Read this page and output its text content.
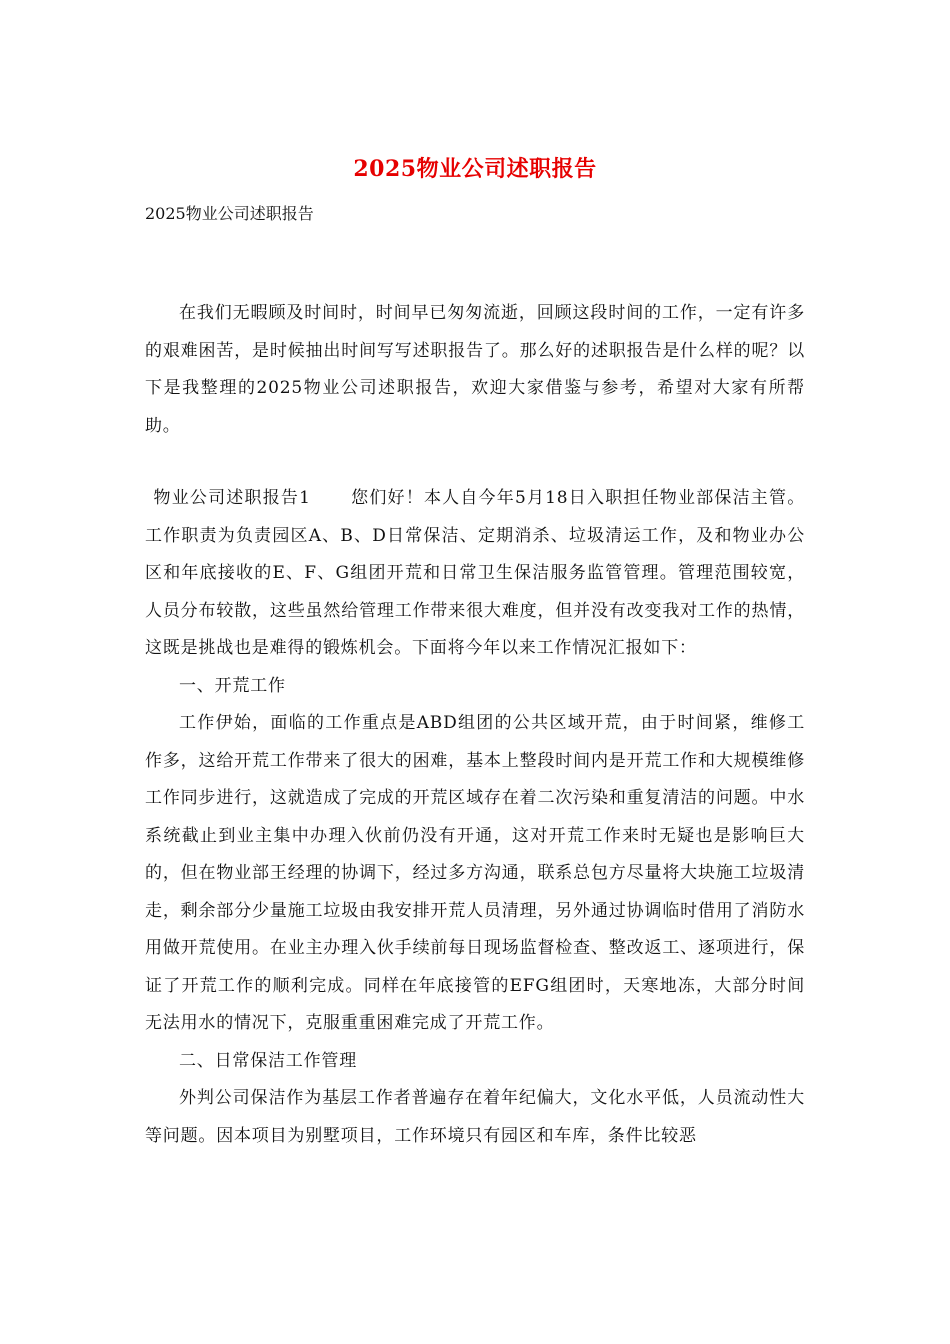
2025物业公司述职报告
2025物业公司述职报告

在我们无暇顾及时间时，时间早已匆匆流逝，回顾这段时间的工作，一定有许多的艰难困苦，是时候抽出时间写写述职报告了。那么好的述职报告是什么样的呢？以下是我整理的2025物业公司述职报告，欢迎大家借鉴与参考，希望对大家有所帮助。

物业公司述职报告1 您们好！本人自今年5月18日入职担任物业部保洁主管。工作职责为负责园区A、B、D日常保洁、定期消杀、垃圾清运工作，及和物业办公区和年底接收的E、F、G组团开荒和日常卫生保洁服务监管管理。管理范围较宽，人员分布较散，这些虽然给管理工作带来很大难度，但并没有改变我对工作的热情，这既是挑战也是难得的锻炼机会。下面将今年以来工作情况汇报如下：

一、开荒工作

工作伊始，面临的工作重点是ABD组团的公共区域开荒，由于时间紧，维修工作多，这给开荒工作带来了很大的困难，基本上整段时间内是开荒工作和大规模维修工作同步进行，这就造成了完成的开荒区域存在着二次污染和重复清洁的问题。中水系统截止到业主集中办理入伙前仍没有开通，这对开荒工作来时无疑也是影响巨大的，但在物业部王经理的协调下，经过多方沟通，联系总包方尽量将大块施工垃圾清走，剩余部分少量施工垃圾由我安排开荒人员清理，另外通过协调临时借用了消防水用做开荒使用。在业主办理入伙手续前每日现场监督检查、整改返工、逐项进行，保证了开荒工作的顺利完成。同样在年底接管的EFG组团时，天寒地冻，大部分时间无法用水的情况下，克服重重困难完成了开荒工作。

二、日常保洁工作管理

外判公司保洁作为基层工作者普遍存在着年纪偏大，文化水平低，人员流动性大等问题。因本项目为别墅项目，工作环境只有园区和车库，条件比较恶
